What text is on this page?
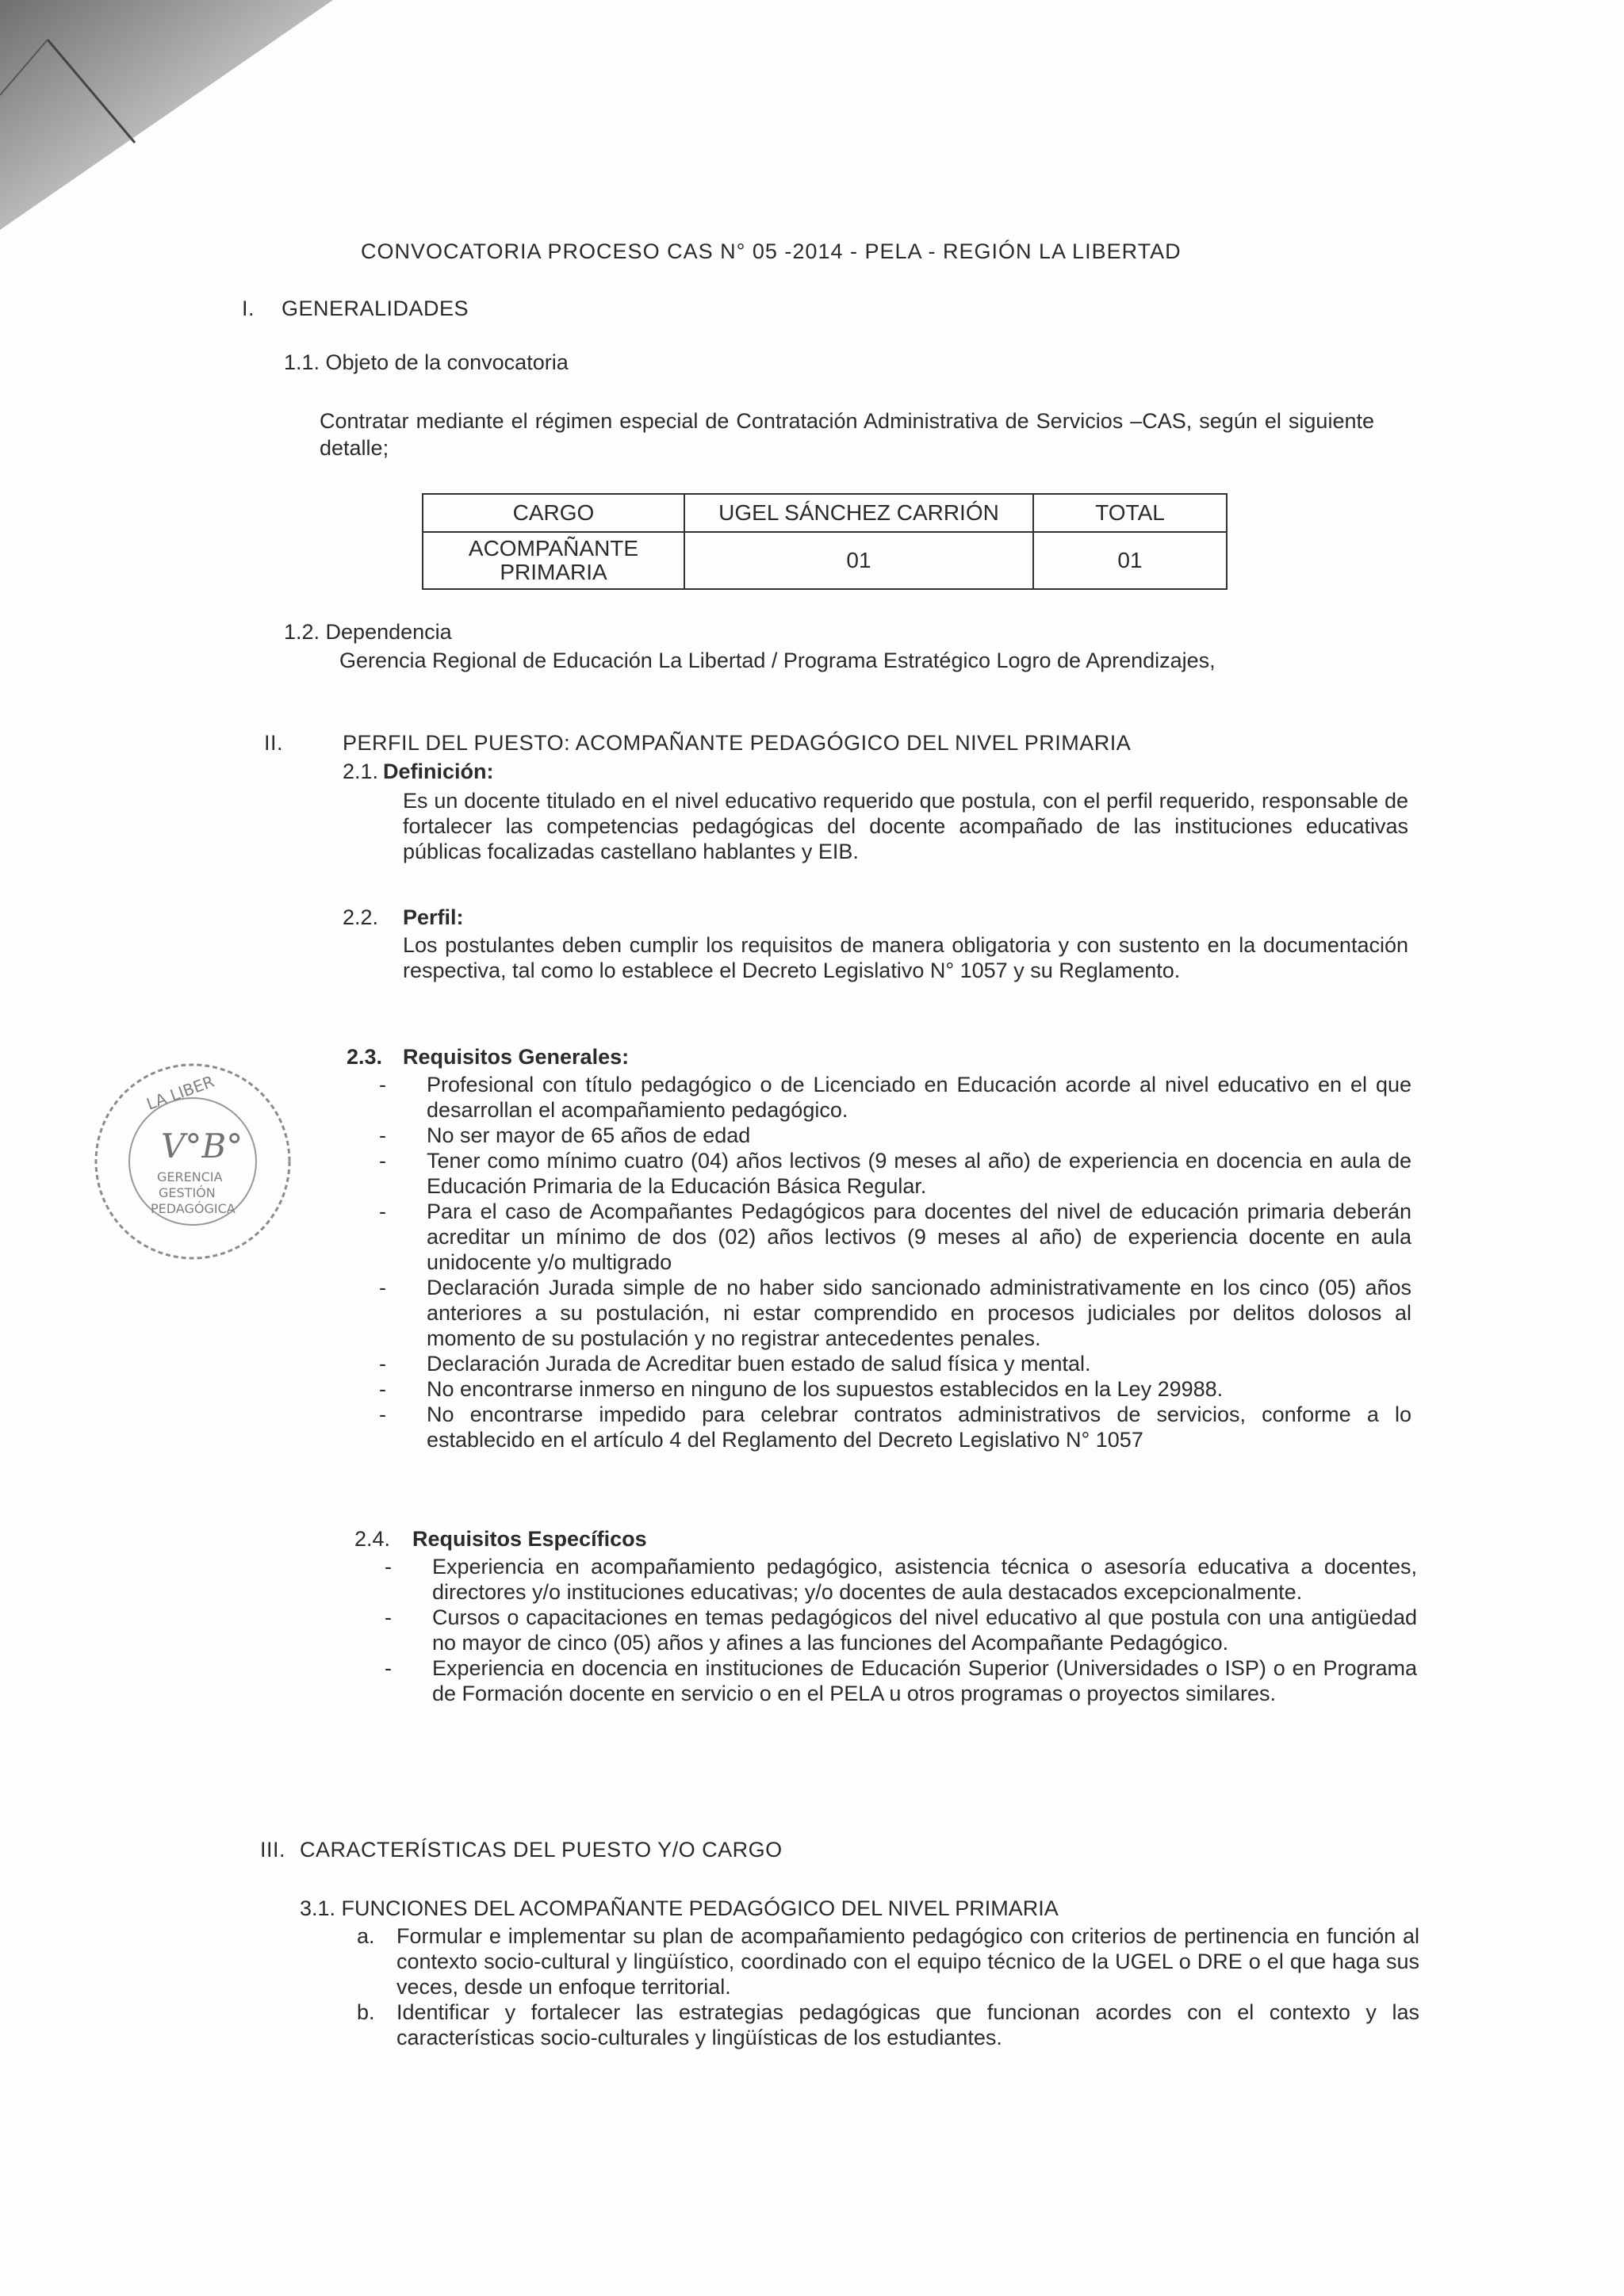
LA LIBER
V°B°
GERENCIA
GESTIÓN
PEDAGÓGICA
CONVOCATORIA PROCESO CAS N° 05 -2014 - PELA - REGIÓN LA LIBERTAD
I. GENERALIDADES
1.1. Objeto de la convocatoria
Contratar mediante el régimen especial de Contratación Administrativa de Servicios –CAS, según el siguiente detalle;
CARGO	UGEL SÁNCHEZ CARRIÓN	TOTAL
ACOMPAÑANTE PRIMARIA	01	01
1.2. Dependencia
Gerencia Regional de Educación La Libertad / Programa Estratégico Logro de Aprendizajes,
II.	PERFIL DEL PUESTO: ACOMPAÑANTE PEDAGÓGICO DEL NIVEL PRIMARIA
2.1. Definición:
Es un docente titulado en el nivel educativo requerido que postula, con el perfil requerido, responsable de fortalecer las competencias pedagógicas del docente acompañado de las instituciones educativas públicas focalizadas castellano hablantes y EIB.
2.2. Perfil:
Los postulantes deben cumplir los requisitos de manera obligatoria y con sustento en la documentación respectiva, tal como lo establece el Decreto Legislativo N° 1057 y su Reglamento.
2.3. Requisitos Generales:
- Profesional con título pedagógico o de Licenciado en Educación acorde al nivel educativo en el que desarrollan el acompañamiento pedagógico.
- No ser mayor de 65 años de edad
- Tener como mínimo cuatro (04) años lectivos (9 meses al año) de experiencia en docencia en aula de Educación Primaria de la Educación Básica Regular.
- Para el caso de Acompañantes Pedagógicos para docentes del nivel de educación primaria deberán acreditar un mínimo de dos (02) años lectivos (9 meses al año) de experiencia docente en aula unidocente y/o multigrado
- Declaración Jurada simple de no haber sido sancionado administrativamente en los cinco (05) años anteriores a su postulación, ni estar comprendido en procesos judiciales por delitos dolosos al momento de su postulación y no registrar antecedentes penales.
- Declaración Jurada de Acreditar buen estado de salud física y mental.
- No encontrarse inmerso en ninguno de los supuestos establecidos en la Ley 29988.
- No encontrarse impedido para celebrar contratos administrativos de servicios, conforme a lo establecido en el artículo 4 del Reglamento del Decreto Legislativo N° 1057
2.4. Requisitos Específicos
- Experiencia en acompañamiento pedagógico, asistencia técnica o asesoría educativa a docentes, directores y/o instituciones educativas; y/o docentes de aula destacados excepcionalmente.
- Cursos o capacitaciones en temas pedagógicos del nivel educativo al que postula con una antigüedad no mayor de cinco (05) años y afines a las funciones del Acompañante Pedagógico.
- Experiencia en docencia en instituciones de Educación Superior (Universidades o ISP) o en Programa de Formación docente en servicio o en el PELA u otros programas o proyectos similares.
III. CARACTERÍSTICAS DEL PUESTO Y/O CARGO
3.1. FUNCIONES DEL ACOMPAÑANTE PEDAGÓGICO DEL NIVEL PRIMARIA
a. Formular e implementar su plan de acompañamiento pedagógico con criterios de pertinencia en función al contexto socio-cultural y lingüístico, coordinado con el equipo técnico de la UGEL o DRE o el que haga sus veces, desde un enfoque territorial.
b. Identificar y fortalecer las estrategias pedagógicas que funcionan acordes con el contexto y las características socio-culturales y lingüísticas de los estudiantes.
